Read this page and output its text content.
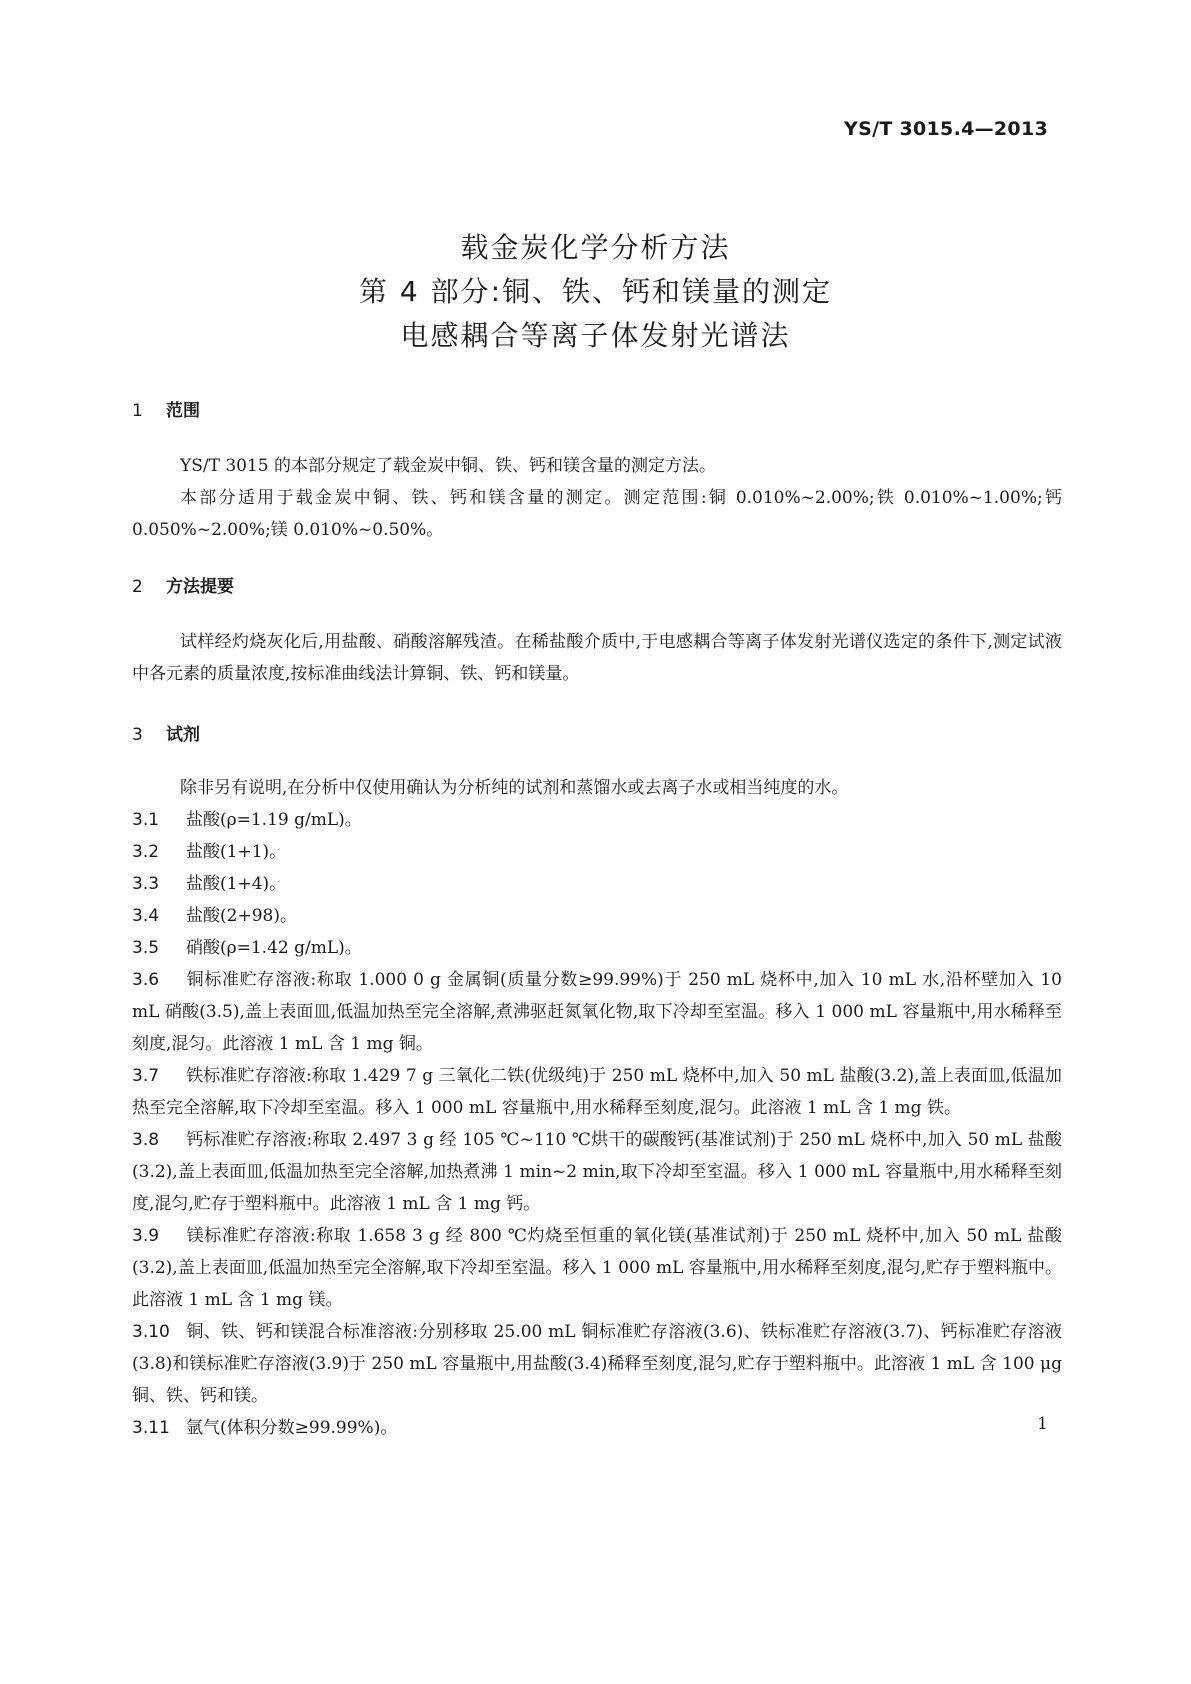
YS/T 3015.4—2013
载金炭化学分析方法
第 4 部分:铜、铁、钙和镁量的测定
电感耦合等离子体发射光谱法
1 范围
YS/T 3015 的本部分规定了载金炭中铜、铁、钙和镁含量的测定方法。
本部分适用于载金炭中铜、铁、钙和镁含量的测定。测定范围:铜 0.010%~2.00%;铁 0.010%~1.00%;钙 0.050%~2.00%;镁 0.010%~0.50%。
2 方法提要
试样经灼烧灰化后,用盐酸、硝酸溶解残渣。在稀盐酸介质中,于电感耦合等离子体发射光谱仪选定的条件下,测定试液中各元素的质量浓度,按标准曲线法计算铜、铁、钙和镁量。
3 试剂
除非另有说明,在分析中仅使用确认为分析纯的试剂和蒸馏水或去离子水或相当纯度的水。
3.1 盐酸(ρ=1.19 g/mL)。
3.2 盐酸(1+1)。
3.3 盐酸(1+4)。
3.4 盐酸(2+98)。
3.5 硝酸(ρ=1.42 g/mL)。
3.6 铜标准贮存溶液:称取 1.000 0 g 金属铜(质量分数≥99.99%)于 250 mL 烧杯中,加入 10 mL 水,沿杯壁加入 10 mL 硝酸(3.5),盖上表面皿,低温加热至完全溶解,煮沸驱赶氮氧化物,取下冷却至室温。移入 1 000 mL 容量瓶中,用水稀释至刻度,混匀。此溶液 1 mL 含 1 mg 铜。
3.7 铁标准贮存溶液:称取 1.429 7 g 三氧化二铁(优级纯)于 250 mL 烧杯中,加入 50 mL 盐酸(3.2),盖上表面皿,低温加热至完全溶解,取下冷却至室温。移入 1 000 mL 容量瓶中,用水稀释至刻度,混匀。此溶液 1 mL 含 1 mg 铁。
3.8 钙标准贮存溶液:称取 2.497 3 g 经 105 ℃~110 ℃烘干的碳酸钙(基准试剂)于 250 mL 烧杯中,加入 50 mL 盐酸(3.2),盖上表面皿,低温加热至完全溶解,加热煮沸 1 min~2 min,取下冷却至室温。移入 1 000 mL 容量瓶中,用水稀释至刻度,混匀,贮存于塑料瓶中。此溶液 1 mL 含 1 mg 钙。
3.9 镁标准贮存溶液:称取 1.658 3 g 经 800 ℃灼烧至恒重的氧化镁(基准试剂)于 250 mL 烧杯中,加入 50 mL 盐酸(3.2),盖上表面皿,低温加热至完全溶解,取下冷却至室温。移入 1 000 mL 容量瓶中,用水稀释至刻度,混匀,贮存于塑料瓶中。此溶液 1 mL 含 1 mg 镁。
3.10 铜、铁、钙和镁混合标准溶液:分别移取 25.00 mL 铜标准贮存溶液(3.6)、铁标准贮存溶液(3.7)、钙标准贮存溶液(3.8)和镁标准贮存溶液(3.9)于 250 mL 容量瓶中,用盐酸(3.4)稀释至刻度,混匀,贮存于塑料瓶中。此溶液 1 mL 含 100 μg 铜、铁、钙和镁。
3.11 氩气(体积分数≥99.99%)。	1
